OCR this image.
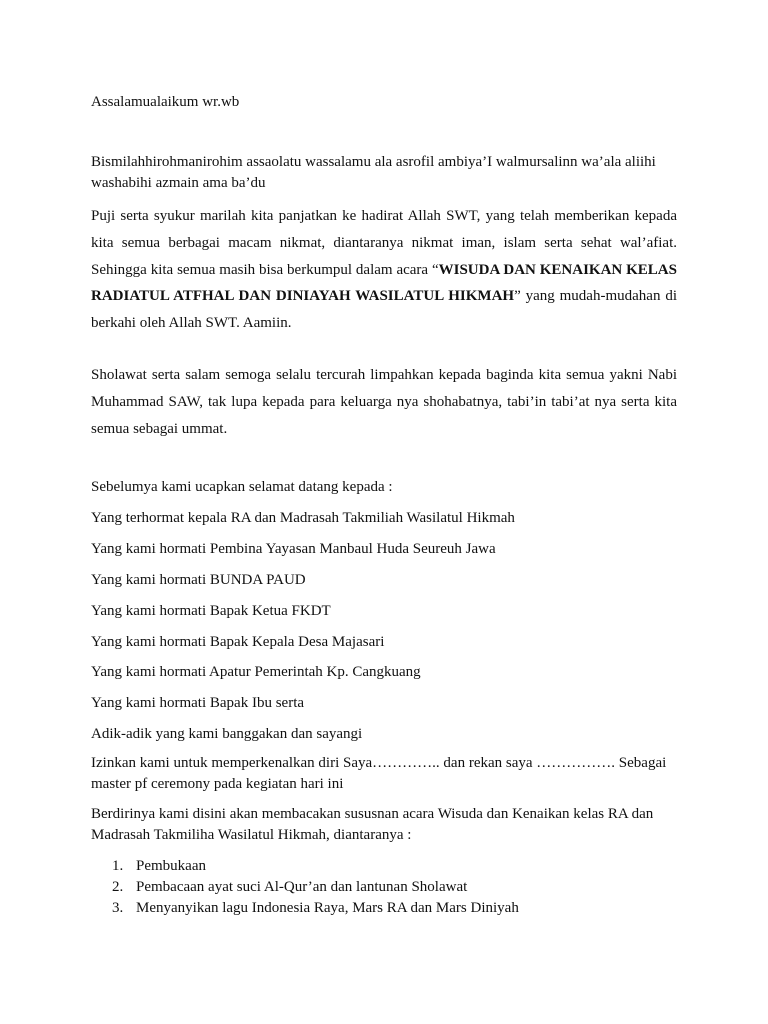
Assalamualaikum wr.wb

Bismilahhirohmanirohim assaolatu wassalamu ala asrofil ambiya’I walmursalinn wa’ala aliihi washabihi azmain ama ba’du

Puji serta syukur marilah kita panjatkan ke hadirat Allah SWT, yang telah memberikan kepada kita semua berbagai macam nikmat, diantaranya nikmat iman, islam serta sehat wal’afiat. Sehingga kita semua masih bisa berkumpul dalam acara “WISUDA DAN KENAIKAN KELAS RADIATUL ATFHAL DAN DINIAYAH WASILATUL HIKMAH” yang mudah-mudahan di berkahi oleh Allah SWT. Aamiin.

Sholawat serta salam semoga selalu tercurah limpahkan kepada baginda kita semua yakni Nabi Muhammad SAW, tak lupa kepada para keluarga nya shohabatnya, tabi’in tabi’at nya serta kita semua sebagai ummat.

Sebelumya kami ucapkan selamat datang kepada :

Yang terhormat kepala RA dan Madrasah Takmiliah Wasilatul Hikmah

Yang kami hormati Pembina Yayasan Manbaul Huda Seureuh Jawa

Yang kami hormati BUNDA PAUD

Yang kami hormati Bapak Ketua FKDT

Yang kami hormati Bapak Kepala Desa Majasari

Yang kami hormati Apatur Pemerintah Kp. Cangkuang

Yang kami hormati Bapak Ibu serta

Adik-adik yang kami banggakan dan sayangi

Izinkan kami untuk memperkenalkan diri Saya………….. dan rekan saya ……………. Sebagai master pf ceremony pada kegiatan hari ini

Berdirinya kami disini akan membacakan sususnan acara Wisuda dan Kenaikan kelas RA dan Madrasah Takmiliha Wasilatul Hikmah, diantaranya :

1. Pembukaan
2. Pembacaan ayat suci Al-Qur’an dan lantunan Sholawat
3. Menyanyikan lagu Indonesia Raya, Mars RA dan Mars Diniyah
